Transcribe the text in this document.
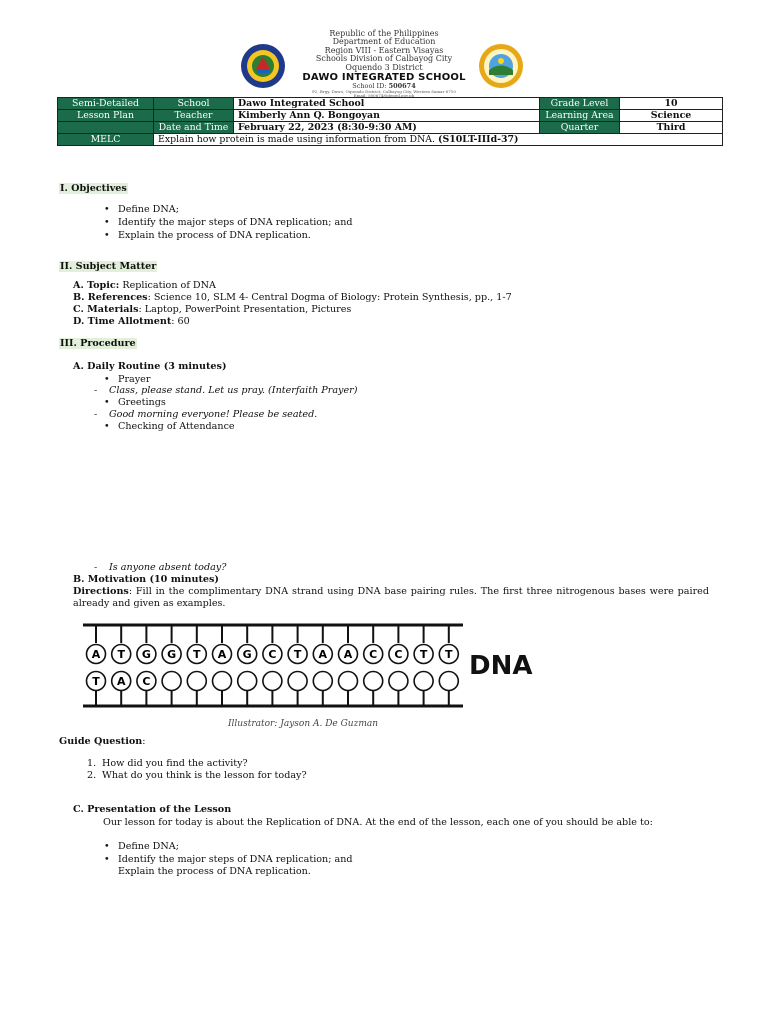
Republic of the Philippines
Department of Education
Region VIII - Eastern Visayas
Schools Division of Calbayog City
Oquendo 3 District
DAWO INTEGRATED SCHOOL
School ID: 500674
P2, Brgy. Dawo, Oquendo District, Calbayog City, Western Samar 6710
Email: 500674@deped.gov.ph
Semi-Detailed	School	Dawo Integrated School	Grade Level	10
Lesson Plan	Teacher	Kimberly Ann Q. Bongoyan	Learning Area	Science
	Date and Time	February 22, 2023 (8:30-9:30 AM)	Quarter	Third
MELC	Explain how protein is made using information from DNA. (S10LT-IIId-37)			
I. Objectives
• Define DNA;
• Identify the major steps of DNA replication; and
• Explain the process of DNA replication.
II. Subject Matter
A. Topic: Replication of DNA
B. References: Science 10, SLM 4- Central Dogma of Biology: Protein Synthesis, pp., 1-7
C. Materials: Laptop, PowerPoint Presentation, Pictures
D. Time Allotment: 60
III. Procedure
A. Daily Routine (3 minutes)
• Prayer
- Class, please stand. Let us pray. (Interfaith Prayer)
• Greetings
- Good morning everyone! Please be seated.
• Checking of Attendance
- Is anyone absent today?
B. Motivation (10 minutes)
Directions: Fill in the complimentary DNA strand using DNA base pairing rules. The first three nitrogenous bases were paired already and given as examples.
A T G G T A G C T A A C C T T
T A C
DNA
Illustrator: Jayson A. De Guzman
Guide Question:
1. How did you find the activity?
2. What do you think is the lesson for today?
C. Presentation of the Lesson
Our lesson for today is about the Replication of DNA. At the end of the lesson, each one of you should be able to:
• Define DNA;
• Identify the major steps of DNA replication; and
Explain the process of DNA replication.
